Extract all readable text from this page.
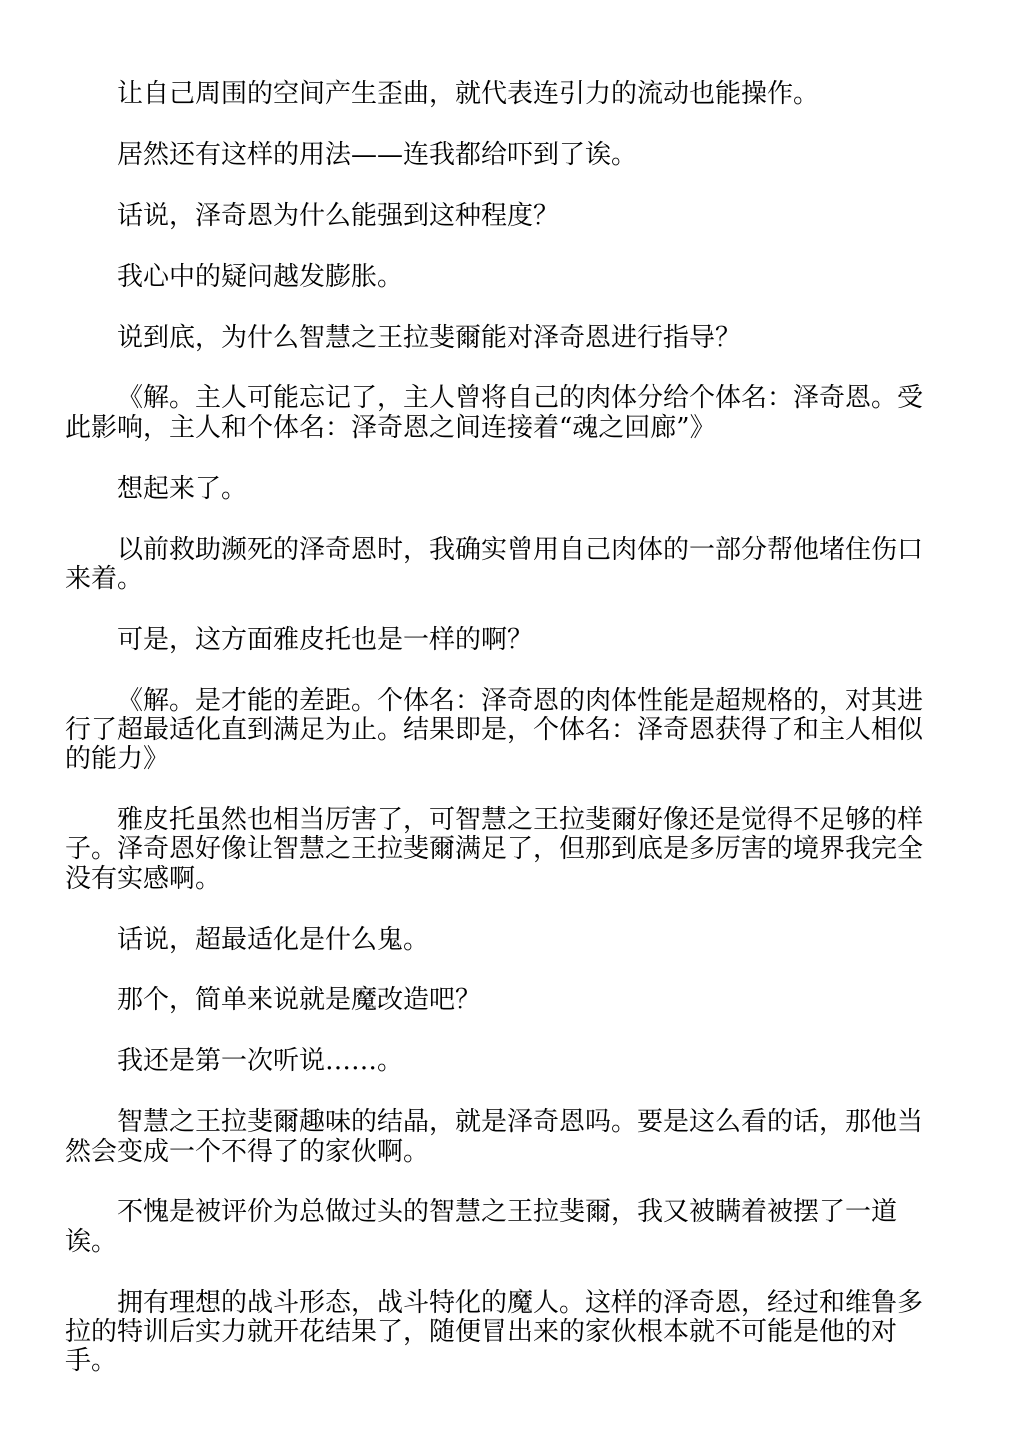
让自己周围的空间产生歪曲，就代表连引力的流动也能操作。

居然还有这样的用法——连我都给吓到了诶。

话说，泽奇恩为什么能强到这种程度？

我心中的疑问越发膨胀。

说到底，为什么智慧之王拉斐爾能对泽奇恩进行指导？

《解。主人可能忘记了，主人曾将自己的肉体分给个体名：泽奇恩。受此影响，主人和个体名：泽奇恩之间连接着“魂之回廊”》

想起来了。

以前救助濒死的泽奇恩时，我确实曾用自己肉体的一部分帮他堵住伤口来着。

可是，这方面雅皮托也是一样的啊？

《解。是才能的差距。个体名：泽奇恩的肉体性能是超规格的，对其进行了超最适化直到满足为止。结果即是，个体名：泽奇恩获得了和主人相似的能力》

雅皮托虽然也相当厉害了，可智慧之王拉斐爾好像还是觉得不足够的样子。泽奇恩好像让智慧之王拉斐爾满足了，但那到底是多厉害的境界我完全没有实感啊。

话说，超最适化是什么鬼。

那个，简单来说就是魔改造吧？

我还是第一次听说……。

智慧之王拉斐爾趣味的结晶，就是泽奇恩吗。要是这么看的话，那他当然会变成一个不得了的家伙啊。

不愧是被评价为总做过头的智慧之王拉斐爾，我又被瞒着被摆了一道诶。

拥有理想的战斗形态，战斗特化的魔人。这样的泽奇恩，经过和维鲁多拉的特训后实力就开花结果了，随便冒出来的家伙根本就不可能是他的对手。
